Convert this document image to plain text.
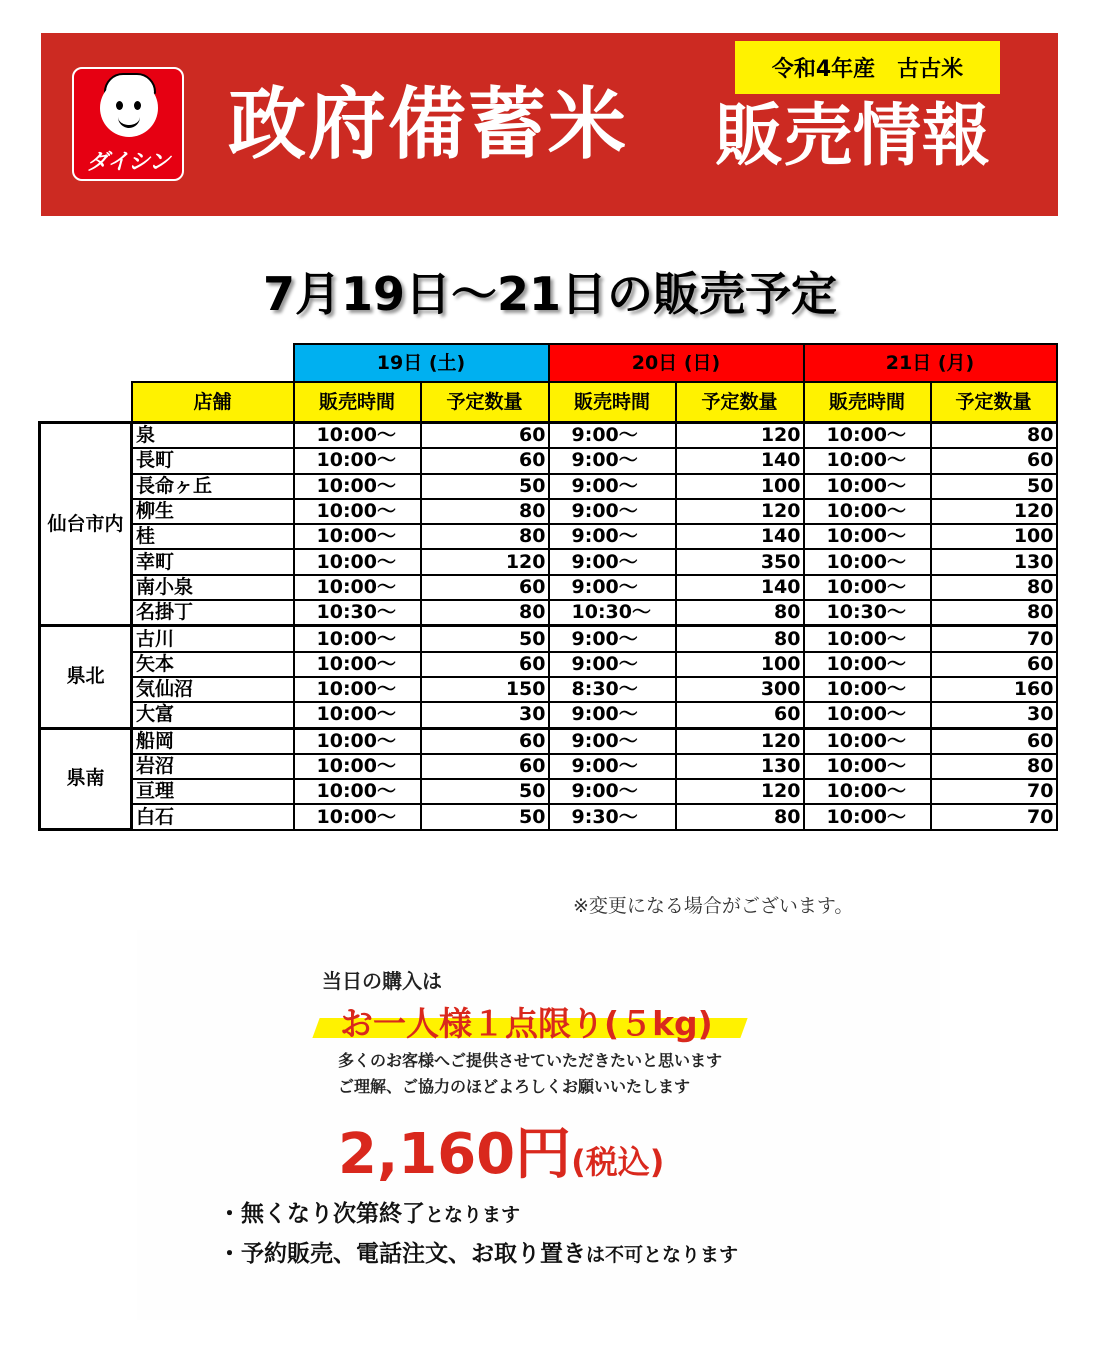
ダイシン
令和4年産　古古米
政府備蓄米 販売情報
7月19日～21日の販売予定
		19日 (土)		20日 (日)		21日 (月)	
	店舗	販売時間	予定数量	販売時間	予定数量	販売時間	予定数量
仙台市内	泉	10:00～	60	9:00～	120	10:00～	80
	長町	10:00～	60	9:00～	140	10:00～	60
	長命ヶ丘	10:00～	50	9:00～	100	10:00～	50
	柳生	10:00～	80	9:00～	120	10:00～	120
	桂	10:00～	80	9:00～	140	10:00～	100
	幸町	10:00～	120	9:00～	350	10:00～	130
	南小泉	10:00～	60	9:00～	140	10:00～	80
	名掛丁	10:30～	80	10:30～	80	10:30～	80
県北	古川	10:00～	50	9:00～	80	10:00～	70
	矢本	10:00～	60	9:00～	100	10:00～	60
	気仙沼	10:00～	150	8:30～	300	10:00～	160
	大富	10:00～	30	9:00～	60	10:00～	30
県南	船岡	10:00～	60	9:00～	120	10:00～	60
	岩沼	10:00～	60	9:00～	130	10:00～	80
	亘理	10:00～	50	9:00～	120	10:00～	70
	白石	10:00～	50	9:30～	80	10:00～	70
※変更になる場合がございます。
当日の購入は
お一人様１点限り(５kg)
多くのお客様へご提供させていただきたいと思います
ご理解、ご協力のほどよろしくお願いいたします
2,160円(税込)
・無くなり次第終了となります
・予約販売、電話注文、お取り置きは不可となります
